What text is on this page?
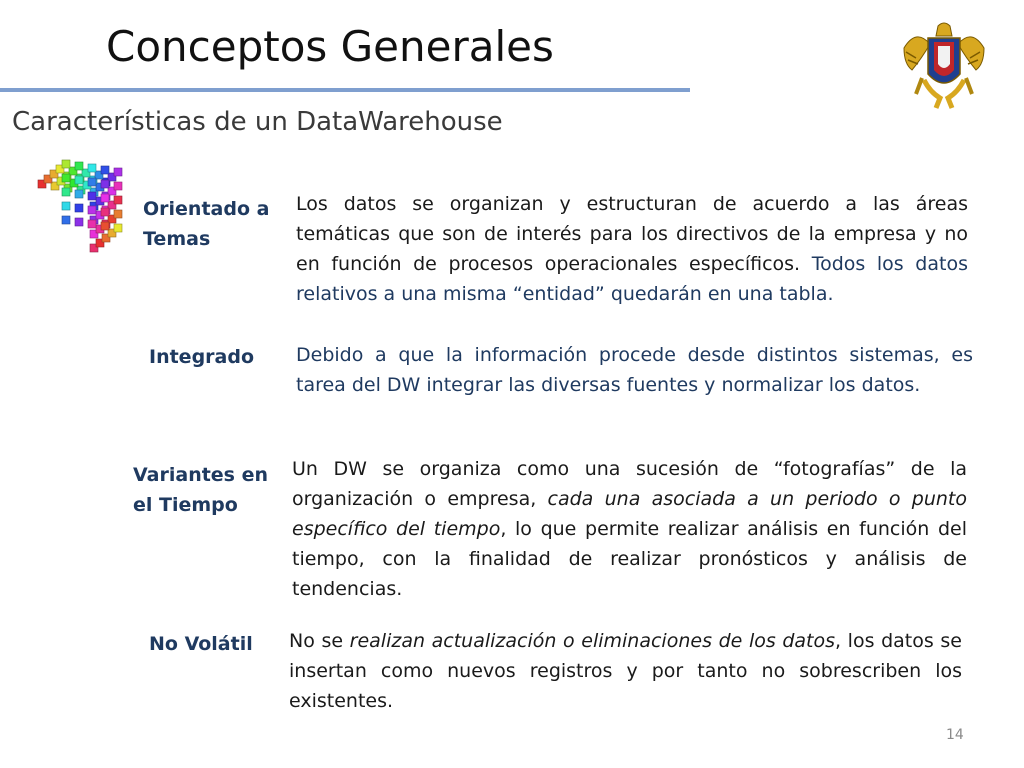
Conceptos Generales
Características de un DataWarehouse
Orientado a Temas
Los datos se organizan y estructuran de acuerdo a las áreas temáticas que son de interés para los directivos de la empresa y no en función de procesos operacionales específicos. Todos los datos relativos a una misma “entidad” quedarán en una tabla.
Integrado Debido a que la información procede desde distintos sistemas, es tarea del DW integrar las diversas fuentes y normalizar los datos.
Variantes en el Tiempo
Un DW se organiza como una sucesión de “fotografías” de la organización o empresa, cada una asociada a un periodo o punto específico del tiempo, lo que permite realizar análisis en función del tiempo, con la finalidad de realizar pronósticos y análisis de tendencias.
No Volátil No se realizan actualización o eliminaciones de los datos, los datos se insertan como nuevos registros y por tanto no sobrescriben los existentes.
14
